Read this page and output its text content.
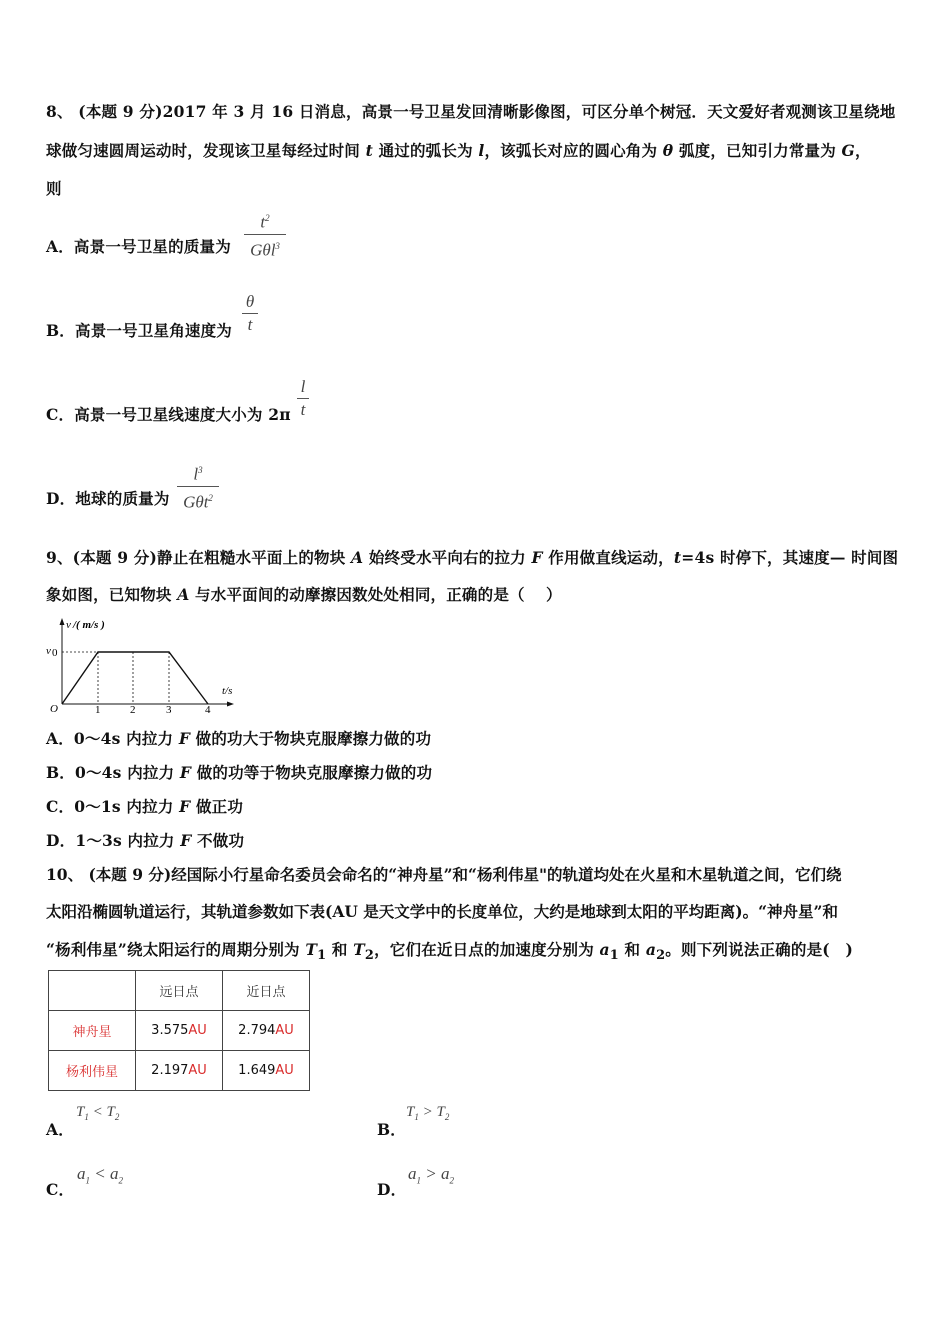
8、 (本题 9 分)2017 年 3 月 16 日消息，高景一号卫星发回清晰影像图，可区分单个树冠．天文爱好者观测该卫星绕地
球做匀速圆周运动时，发现该卫星每经过时间 t 通过的弧长为 l，该弧长对应的圆心角为 θ 弧度，已知引力常量为 G，
则
A．高景一号卫星的质量为
$t^2$
Gθl$^3$
B．高景一号卫星角速度为
θ
t
C．高景一号卫星线速度大小为 2π
l
t
D．地球的质量为
$l^3$
Gθt$^2$
9、(本题 9 分)静止在粗糙水平面上的物块 A 始终受水平向右的拉力 F 作用做直线运动，t=4s 时停下，其速度— 时间图
象如图，已知物块 A 与水平面间的动摩擦因数处处相同，正确的是（　 ）
v /( m/s )
v 0
O
t/s
1	2	3	4
A．0～4s 内拉力 F 做的功大于物块克服摩擦力做的功
B．0～4s 内拉力 F 做的功等于物块克服摩擦力做的功
C．0～1s 内拉力 F 做正功
D．1～3s 内拉力 F 不做功
10、 (本题 9 分)经国际小行星命名委员会命名的“神舟星”和“杨利伟星"的轨道均处在火星和木星轨道之间，它们绕
太阳沿椭圆轨道运行，其轨道参数如下表(AU 是天文学中的长度单位，大约是地球到太阳的平均距离)。“神舟星”和
“杨利伟星”绕太阳运行的周期分别为 $T_1$ 和 $T_2$，它们在近日点的加速度分别为 $a_1$ 和 $a_2$。则下列说法正确的是(　)
	远日点	近日点
神舟星	3.575AU	2.794AU
杨利伟星	2.197AU	1.649AU
A．
$T_1 < T_2$
B．
$T_1 > T_2$
C．
$a_1 < a_2$	D．
$a_1 > a_2$
